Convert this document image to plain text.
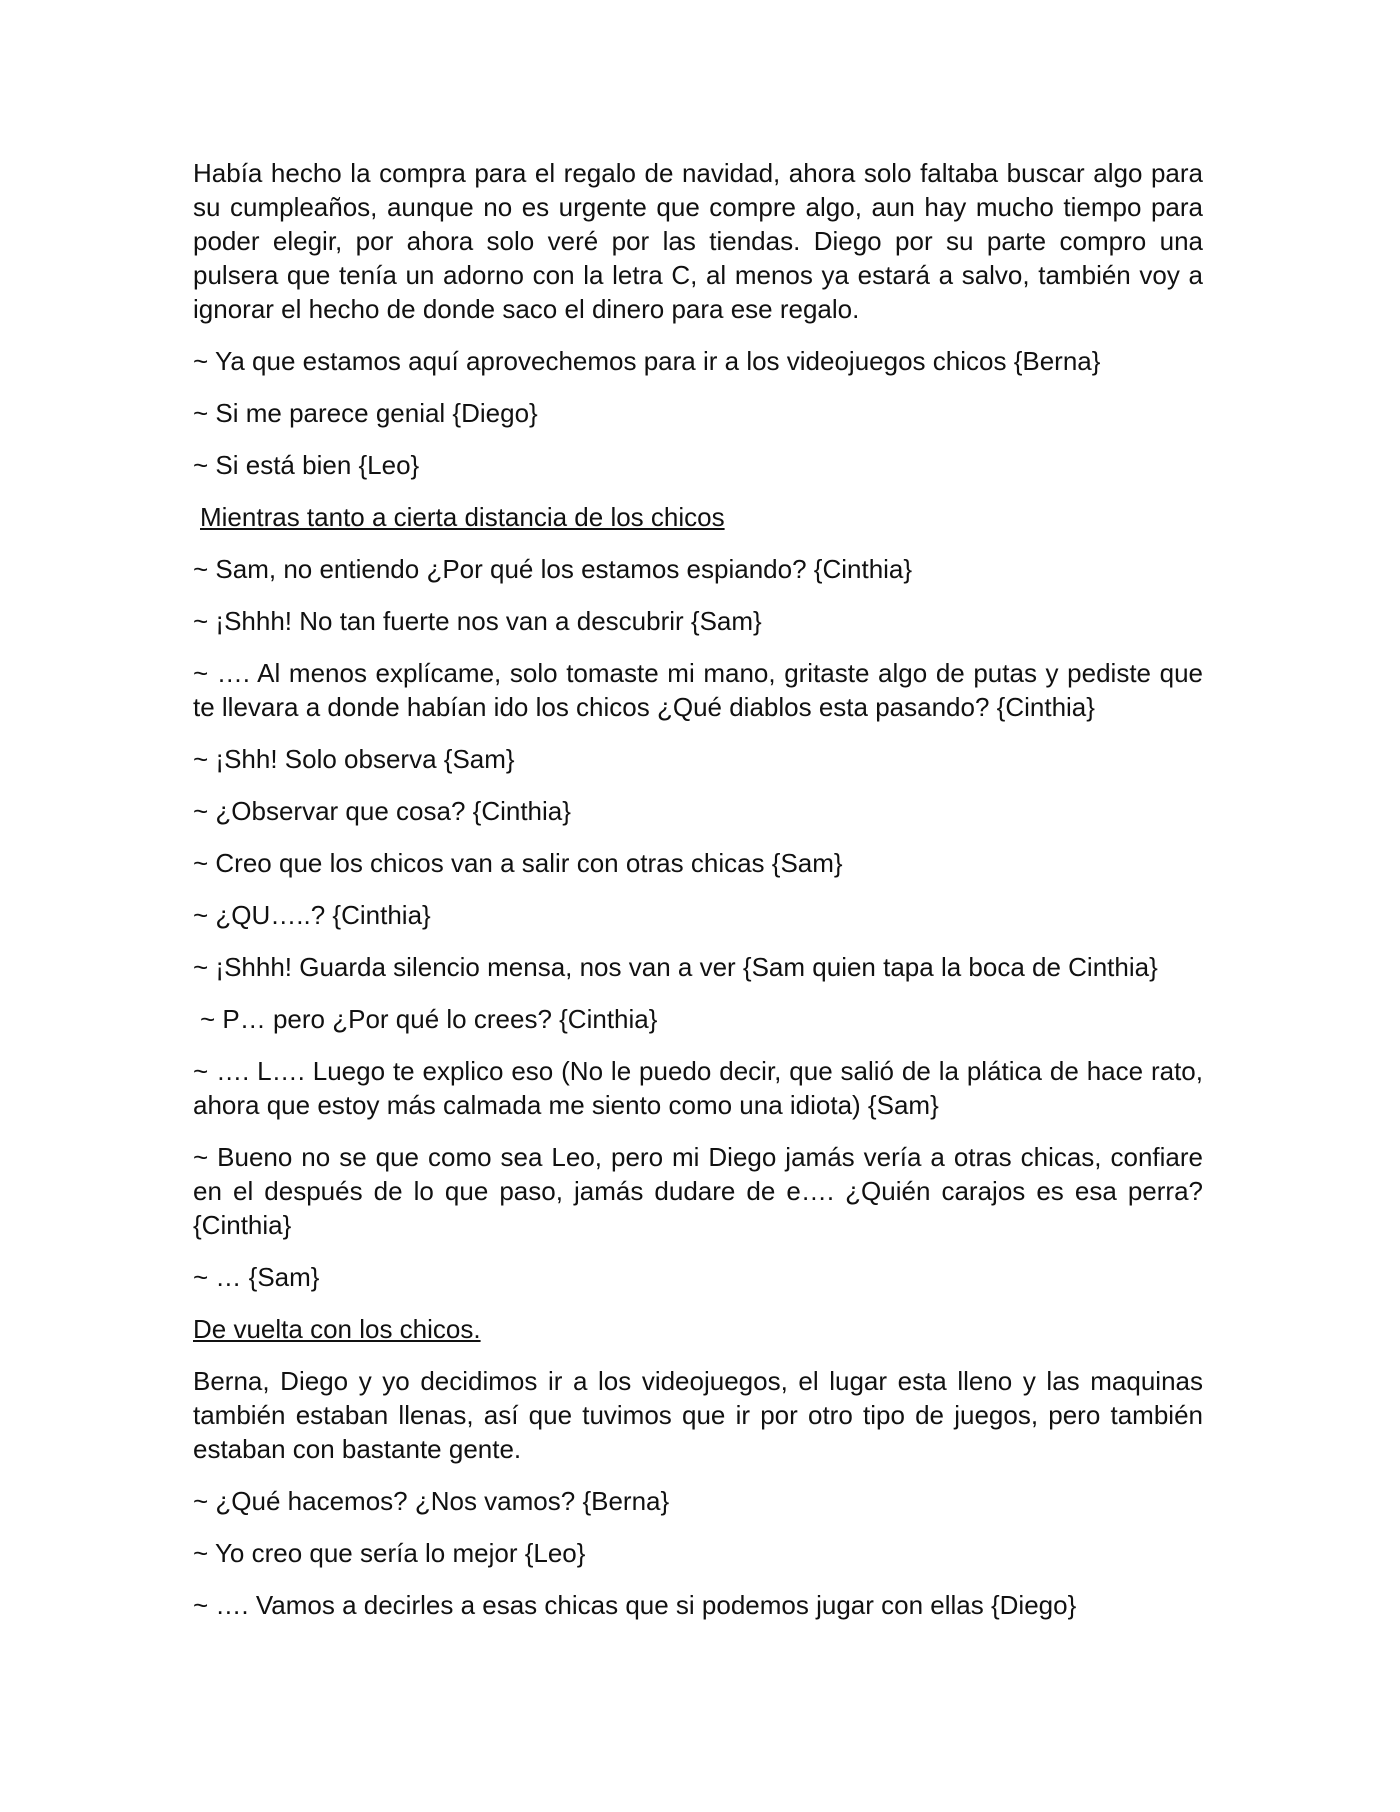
Había hecho la compra para el regalo de navidad, ahora solo faltaba buscar algo para su cumpleaños, aunque no es urgente que compre algo, aun hay mucho tiempo para poder elegir, por ahora solo veré por las tiendas. Diego por su parte compro una pulsera que tenía un adorno con la letra C, al menos ya estará a salvo, también voy a ignorar el hecho de donde saco el dinero para ese regalo.

~ Ya que estamos aquí aprovechemos para ir a los videojuegos chicos {Berna}

~ Si me parece genial {Diego}

~ Si está bien {Leo}

Mientras tanto a cierta distancia de los chicos

~ Sam, no entiendo ¿Por qué los estamos espiando? {Cinthia}

~ ¡Shhh! No tan fuerte nos van a descubrir {Sam}

~ …. Al menos explícame, solo tomaste mi mano, gritaste algo de putas y pediste que te llevara a donde habían ido los chicos ¿Qué diablos esta pasando? {Cinthia}

~ ¡Shh! Solo observa {Sam}

~ ¿Observar que cosa? {Cinthia}

~ Creo que los chicos van a salir con otras chicas {Sam}

~ ¿QU…..? {Cinthia}

~ ¡Shhh! Guarda silencio mensa, nos van a ver {Sam quien tapa la boca de Cinthia}

~ P… pero ¿Por qué lo crees? {Cinthia}

~ …. L…. Luego te explico eso (No le puedo decir, que salió de la plática de hace rato, ahora que estoy más calmada me siento como una idiota) {Sam}

~ Bueno no se que como sea Leo, pero mi Diego jamás vería a otras chicas, confiare en el después de lo que paso, jamás dudare de e…. ¿Quién carajos es esa perra? {Cinthia}

~ … {Sam}

De vuelta con los chicos.

Berna, Diego y yo decidimos ir a los videojuegos, el lugar esta lleno y las maquinas también estaban llenas, así que tuvimos que ir por otro tipo de juegos, pero también estaban con bastante gente.

~ ¿Qué hacemos? ¿Nos vamos? {Berna}

~ Yo creo que sería lo mejor {Leo}

~ …. Vamos a decirles a esas chicas que si podemos jugar con ellas {Diego}
